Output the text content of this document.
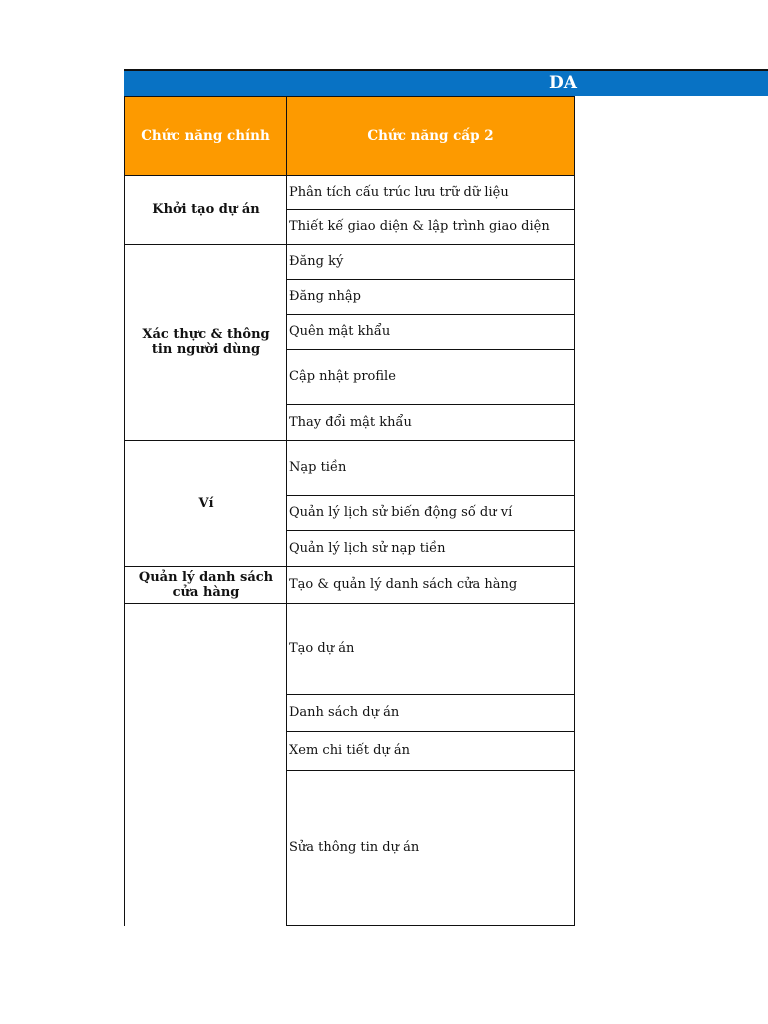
DA
Chức năng chính	Chức năng cấp 2
Khởi tạo dự án
Phân tích cấu trúc lưu trữ dữ liệu
Thiết kế giao diện & lập trình giao diện
Xác thực & thông tin người dùng
Đăng ký
Đăng nhập
Quên mật khẩu
Cập nhật profile
Thay đổi mật khẩu
Ví
Nạp tiền
Quản lý lịch sử biến động số dư ví
Quản lý lịch sử nạp tiền
Quản lý danh sách cửa hàng	Tạo & quản lý danh sách cửa hàng
Tạo dự án
Danh sách dự án
Xem chi tiết dự án
Sửa thông tin dự án
